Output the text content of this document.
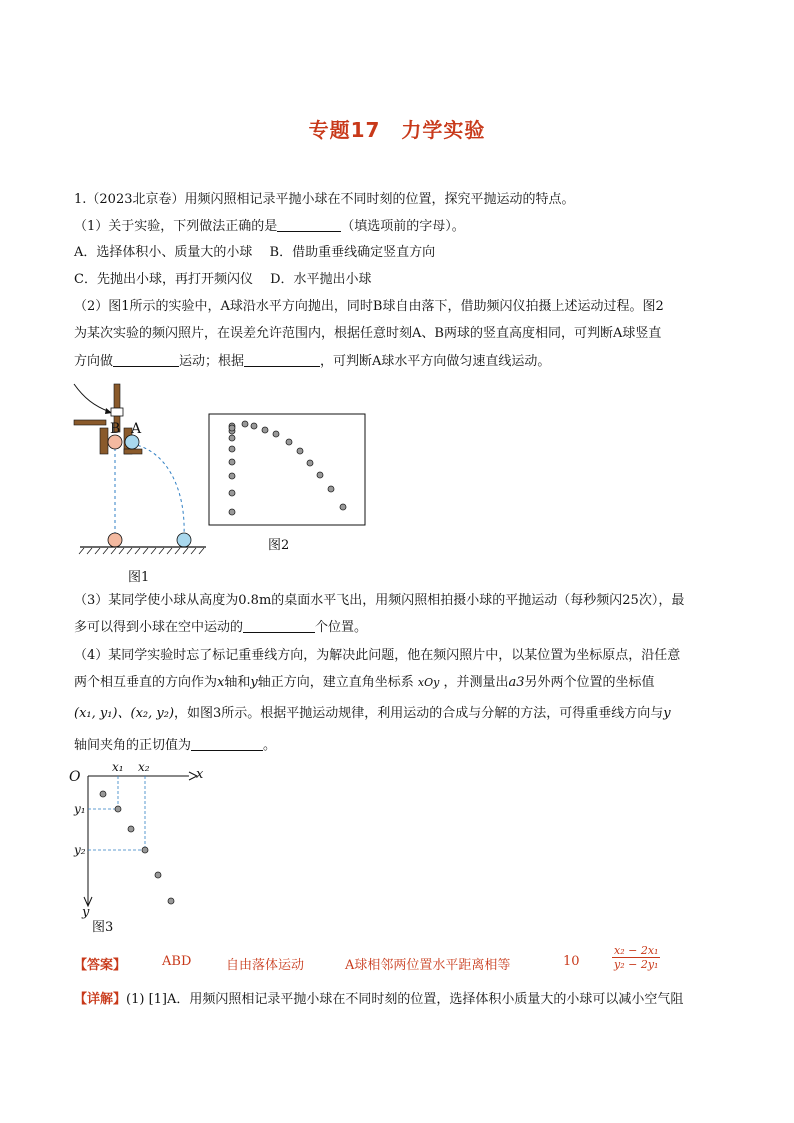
专题17　力学实验
1.（2023北京卷）用频闪照相记录平抛小球在不同时刻的位置，探究平抛运动的特点。
（1）关于实验，下列做法正确的是	（填选项前的字母）。
A．选择体积小、质量大的小球　 B．借助重垂线确定竖直方向
C．先抛出小球，再打开频闪仪　 D．水平抛出小球
（2）图1所示的实验中，A球沿水平方向抛出，同时B球自由落下，借助频闪仪拍摄上述运动过程。图2
为某次实验的频闪照片，在误差允许范围内，根据任意时刻A、B两球的竖直高度相同，可判断A球竖直
方向做	运动；根据	，可判断A球水平方向做匀速直线运动。
B A
图1
图2
（3）某同学使小球从高度为0.8m的桌面水平飞出，用频闪照相拍摄小球的平抛运动（每秒频闪25次），最
多可以得到小球在空中运动的	个位置。
（4）某同学实验时忘了标记重垂线方向，为解决此问题，他在频闪照片中，以某位置为坐标原点，沿任意
两个相互垂直的方向作为x轴和y轴正方向，建立直角坐标系 xOy ，并测量出a3另外两个位置的坐标值
(x₁, y₁)、(x₂, y₂)，如图3所示。根据平抛运动规律，利用运动的合成与分解的方法，可得重垂线方向与y
轴间夹角的正切值为	。
O	x
y
x₁ x₂
y₁
y₂
图3
【答案】	ABD	自由落体运动	A球相邻两位置水平距离相等	10	$\frac{\text{x₂ − 2x₁}}{\text{y₂ − 2y₁}}$
【详解】(1) [1]A．用频闪照相记录平抛小球在不同时刻的位置，选择体积小质量大的小球可以减小空气阻
